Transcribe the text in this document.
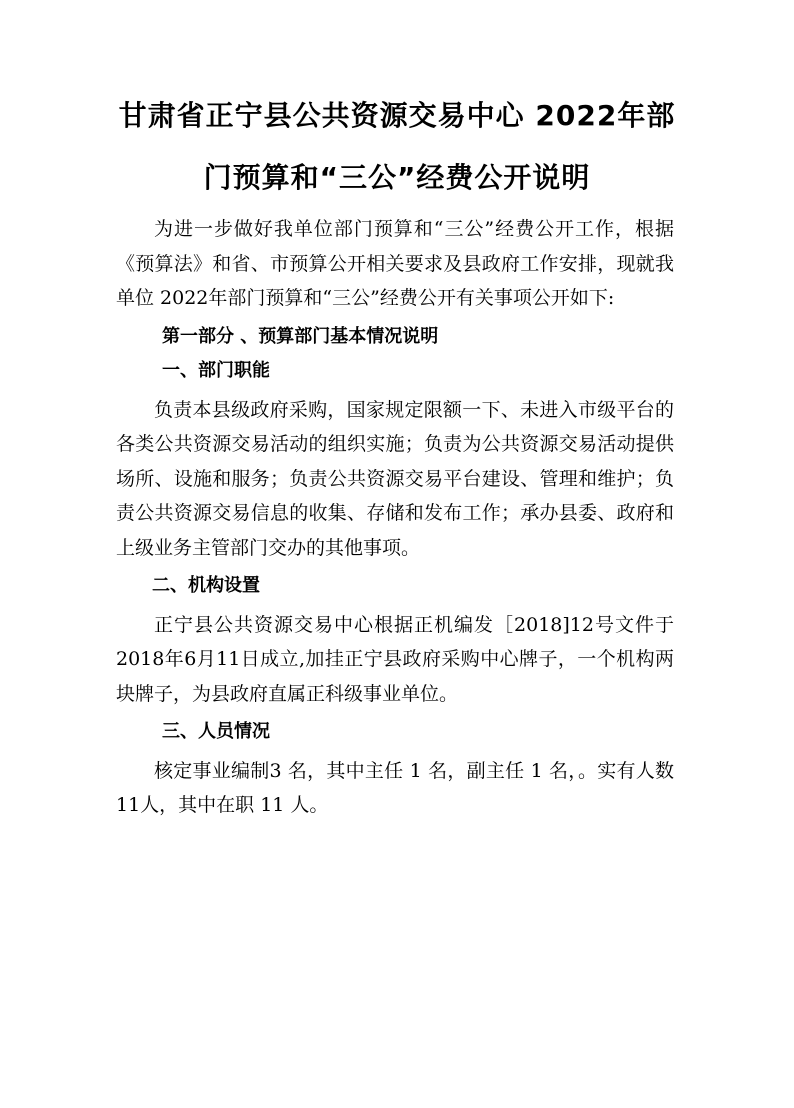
甘肃省正宁县公共资源交易中心 2022年部
门预算和“三公”经费公开说明

为进一步做好我单位部门预算和“三公”经费公开工作，根据《预算法》和省、市预算公开相关要求及县政府工作安排，现就我单位 2022年部门预算和“三公”经费公开有关事项公开如下:

第一部分 、预算部门基本情况说明

一、部门职能

负责本县级政府采购，国家规定限额一下、未进入市级平台的各类公共资源交易活动的组织实施；负责为公共资源交易活动提供场所、设施和服务；负责公共资源交易平台建设、管理和维护；负责公共资源交易信息的收集、存储和发布工作；承办县委、政府和上级业务主管部门交办的其他事项。

二、机构设置

正宁县公共资源交易中心根据正机编发［2018]12号文件于2018年6月11日成立,加挂正宁县政府采购中心牌子，一个机构两块牌子，为县政府直属正科级事业单位。

三、人员情况

核定事业编制3 名，其中主任 1 名，副主任 1 名，。实有人数 11人，其中在职 11 人。
